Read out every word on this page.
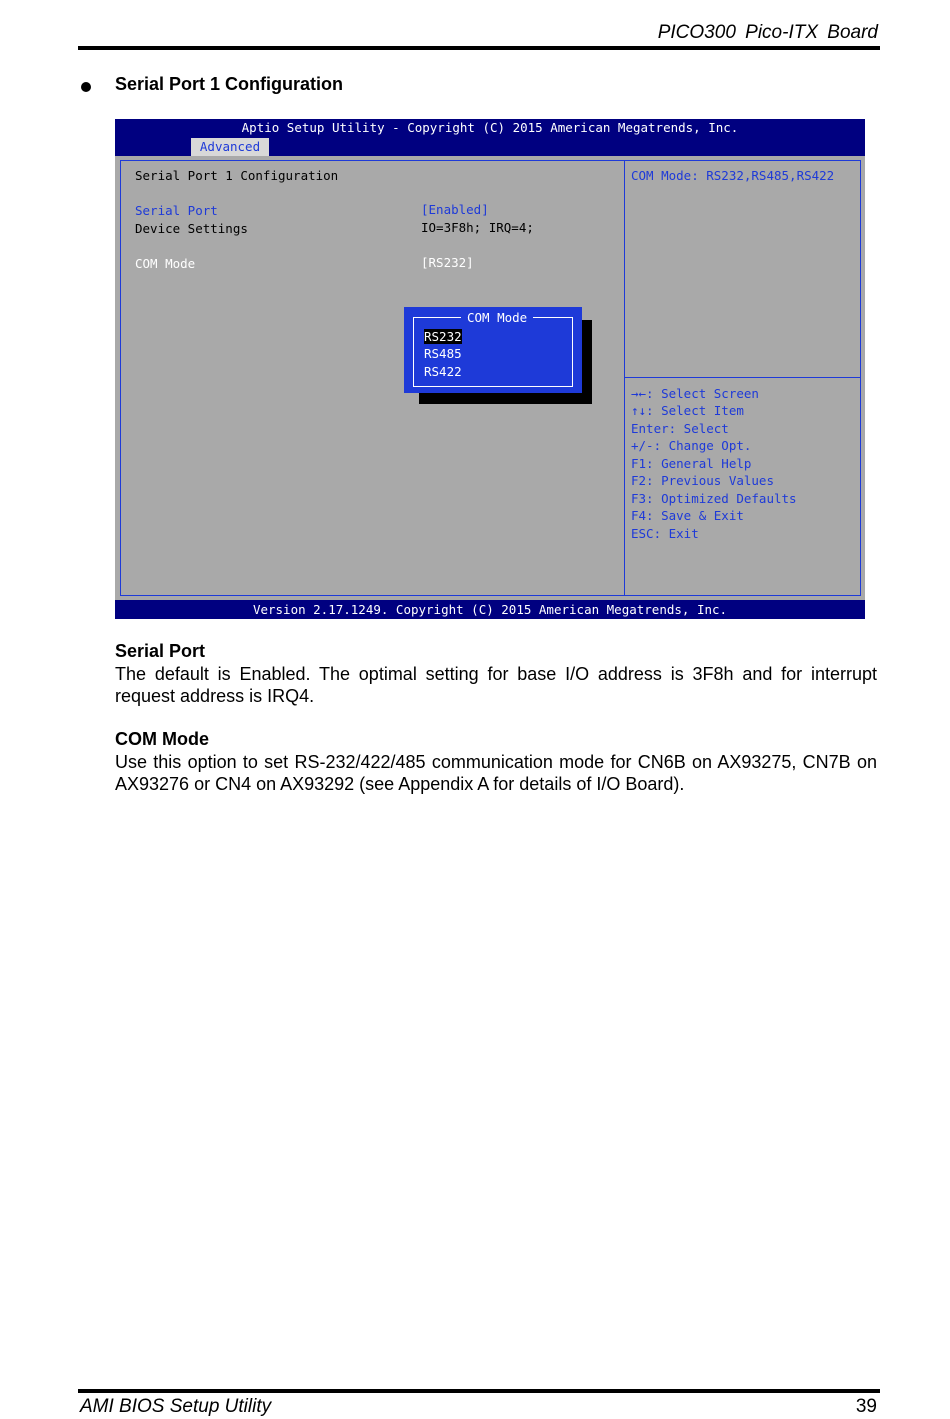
PICO300 Pico-ITX Board
Serial Port 1 Configuration
Aptio Setup Utility - Copyright (C) 2015 American Megatrends, Inc.
Advanced
Serial Port 1 Configuration
Serial Port	[Enabled]
Device Settings	IO=3F8h; IRQ=4;
COM Mode	[RS232]
COM Mode: RS232,RS485,RS422
→←: Select Screen
↑↓: Select Item
Enter: Select
+/-: Change Opt.
F1: General Help
F2: Previous Values
F3: Optimized Defaults
F4: Save & Exit
ESC: Exit
COM Mode
RS232
RS485
RS422
Version 2.17.1249. Copyright (C) 2015 American Megatrends, Inc.
Serial Port
The default is Enabled. The optimal setting for base I/O address is 3F8h and for interrupt request address is IRQ4.
COM Mode
Use this option to set RS-232/422/485 communication mode for CN6B on AX93275, CN7B on AX93276 or CN4 on AX93292 (see Appendix A for details of I/O Board).
AMI BIOS Setup Utility	39
